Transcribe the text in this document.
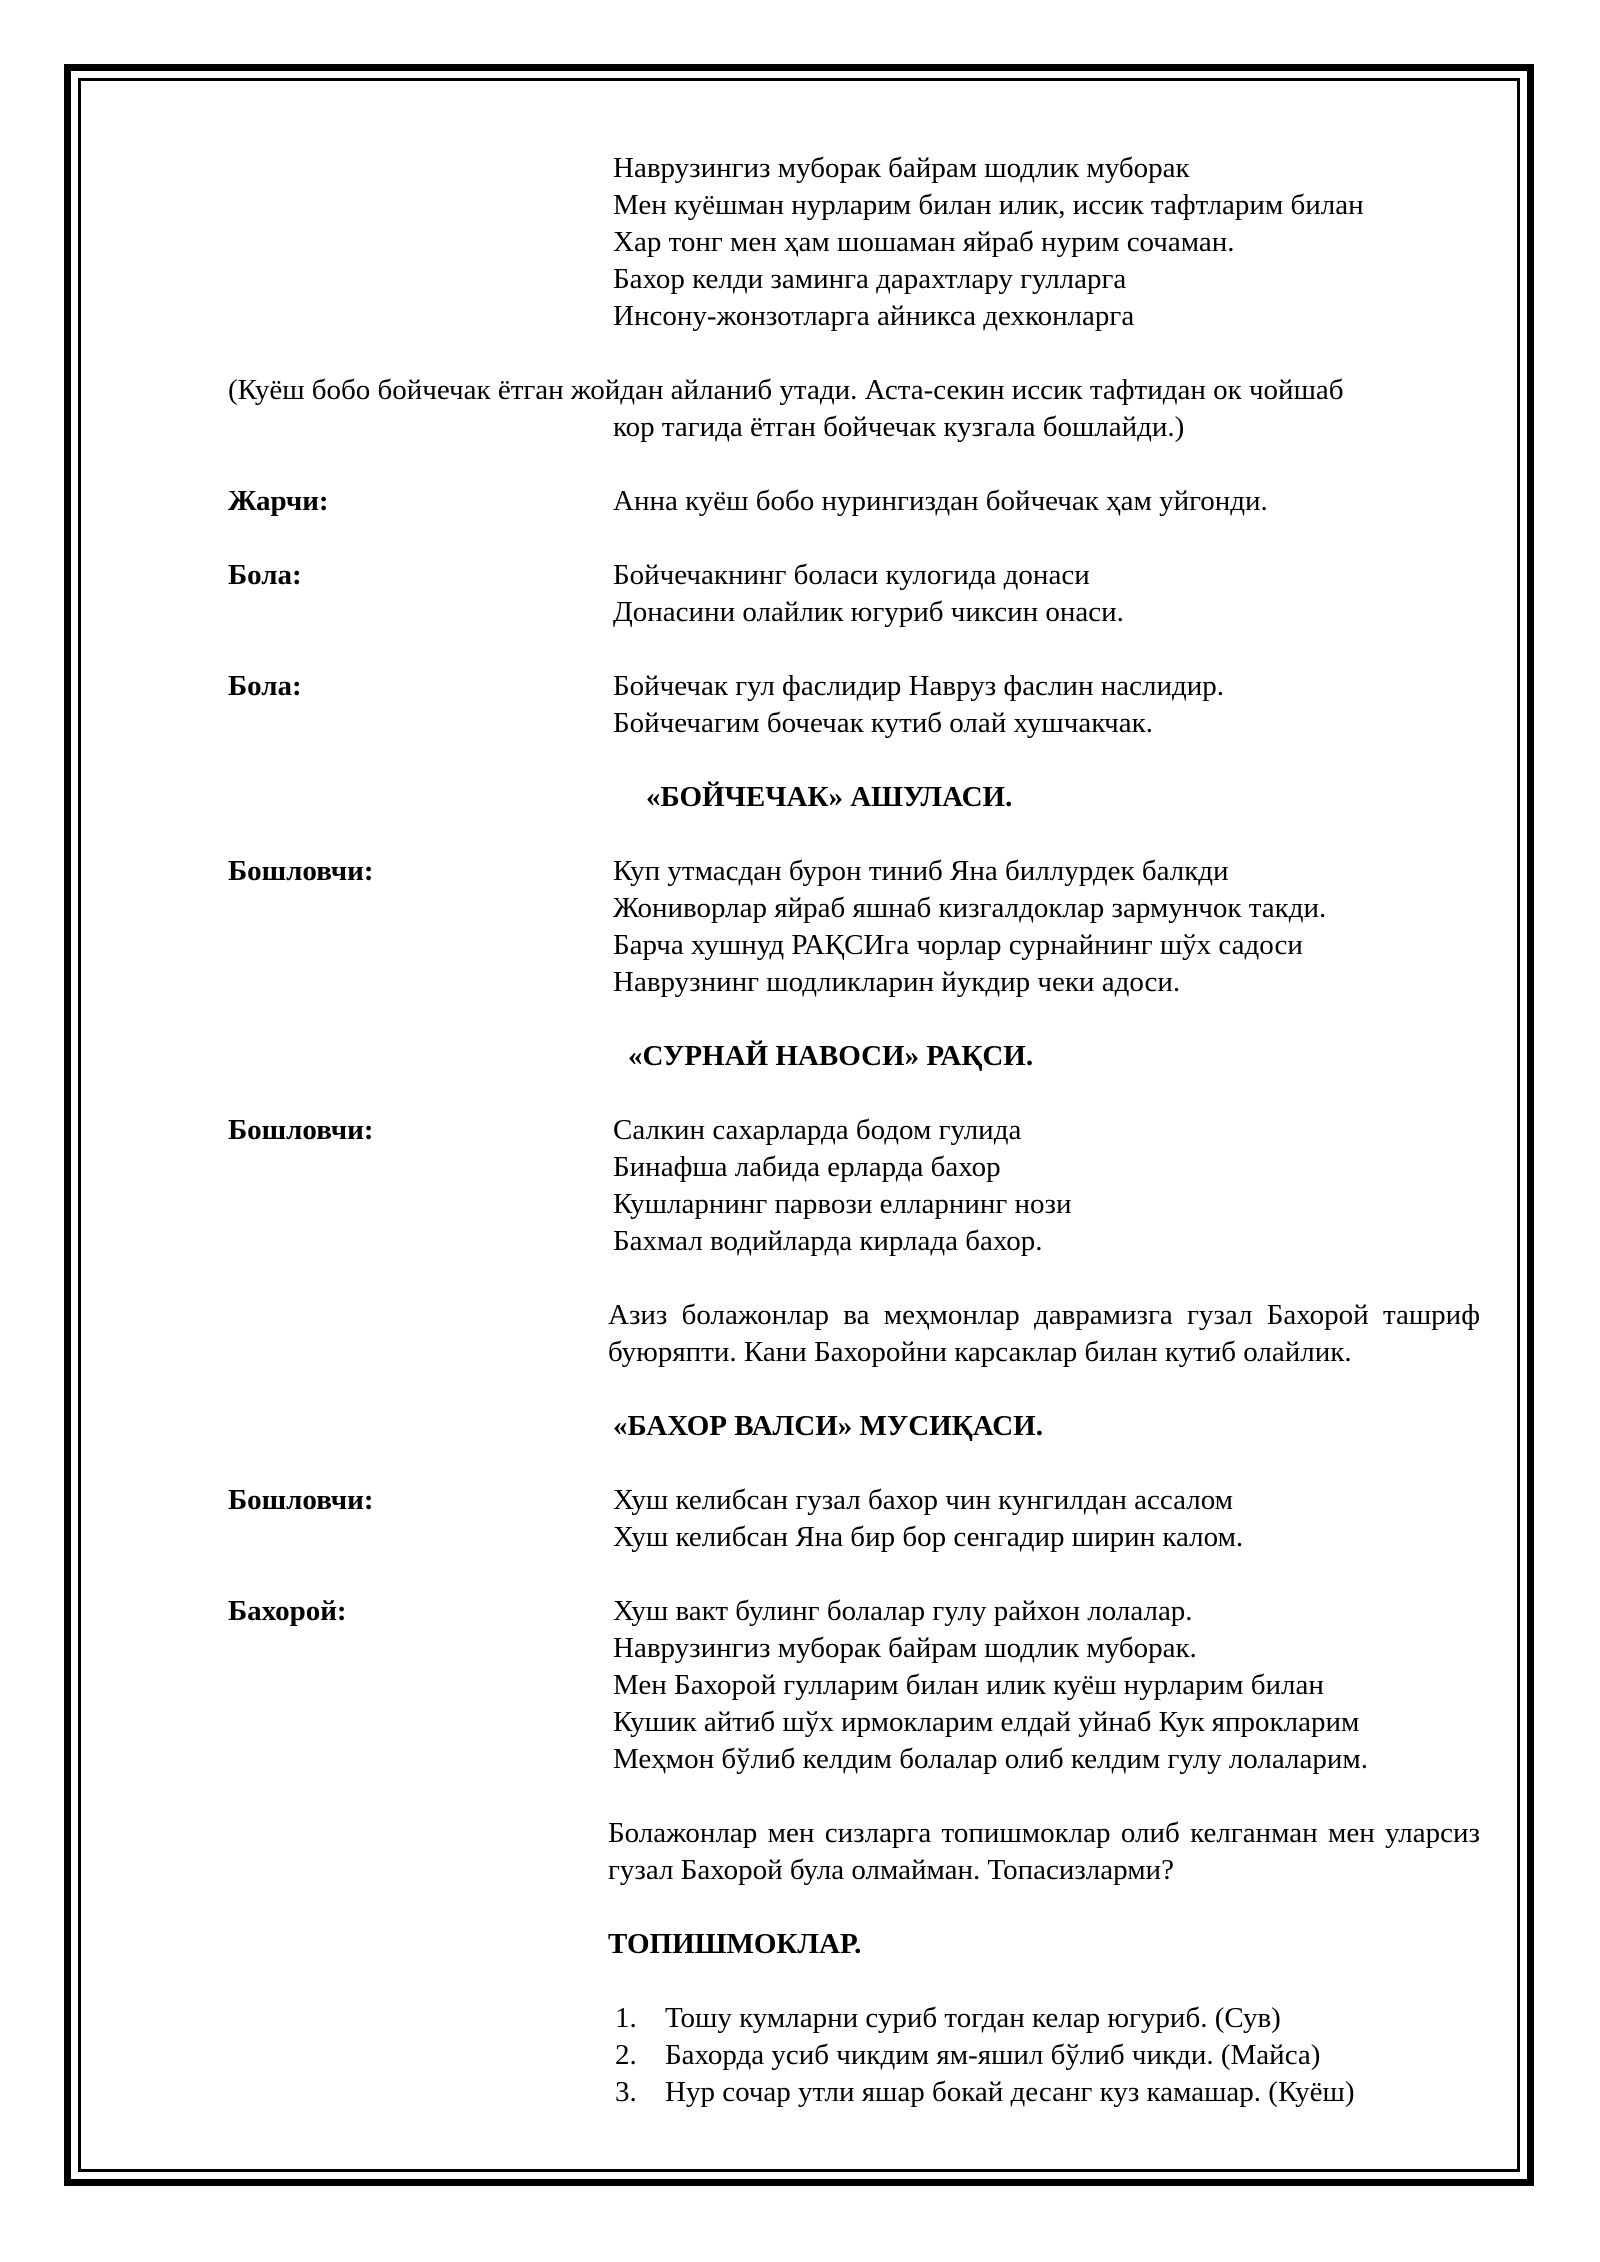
Наврузингиз муборак байрам шодлик муборак
Мен куёшман нурларим билан илик, иссик тафтларим билан
Хар тонг мен ҳам шошаман яйраб нурим сочаман.
Бахор келди заминга дарахтлару гулларга
Инсону-жонзотларга айникса дехконларга
(Куёш бобо бойчечак ётган жойдан айланиб утади. Аста-секин иссик тафтидан ок чойшаб
кор тагида ётган бойчечак кузгала бошлайди.)
Жарчи:	Анна куёш бобо нурингиздан бойчечак ҳам уйгонди.
Бола:	Бойчечакнинг боласи кулогида донаси
Донасини олайлик югуриб чиксин онаси.
Бола:	Бойчечак гул фаслидир Навруз фаслин наслидир.
Бойчечагим бочечак кутиб олай хушчакчак.
«БОЙЧЕЧАК» АШУЛАСИ.
Бошловчи:	Куп утмасдан бурон тиниб Яна биллурдек балкди
Жониворлар яйраб яшнаб кизгалдоклар зармунчок такди.
Барча хушнуд РАҚСИга чорлар сурнайнинг шўх садоси
Наврузнинг шодликларин йукдир чеки адоси.
«СУРНАЙ НАВОСИ» РАҚСИ.
Бошловчи:	Салкин сахарларда бодом гулида
Бинафша лабида ерларда бахор
Кушларнинг парвози елларнинг нози
Бахмал водийларда кирлада бахор.
Азиз болажонлар ва меҳмонлар даврамизга гузал Бахорой ташриф буюряпти. Кани Бахоройни карсаклар билан кутиб олайлик.
«БАХОР ВАЛСИ» МУСИҚАСИ.
Бошловчи:	Хуш келибсан гузал бахор чин кунгилдан ассалом
Хуш келибсан Яна бир бор сенгадир ширин калом.
Бахорой:	Хуш вакт булинг болалар гулу райхон лолалар.
Наврузингиз муборак байрам шодлик муборак.
Мен Бахорой гулларим билан илик куёш нурларим билан
Кушик айтиб шўх ирмокларим елдай уйнаб Кук япрокларим
Меҳмон бўлиб келдим болалар олиб келдим гулу лолаларим.
Болажонлар мен сизларга топишмоклар олиб келганман мен уларсиз гузал Бахорой була олмайман. Топасизларми?
ТОПИШМОКЛАР.
1. Тошу кумларни суриб тогдан келар югуриб. (Сув)
2. Бахорда усиб чикдим ям-яшил бўлиб чикди. (Майса)
3. Нур сочар утли яшар бокай десанг куз камашар. (Куёш)
